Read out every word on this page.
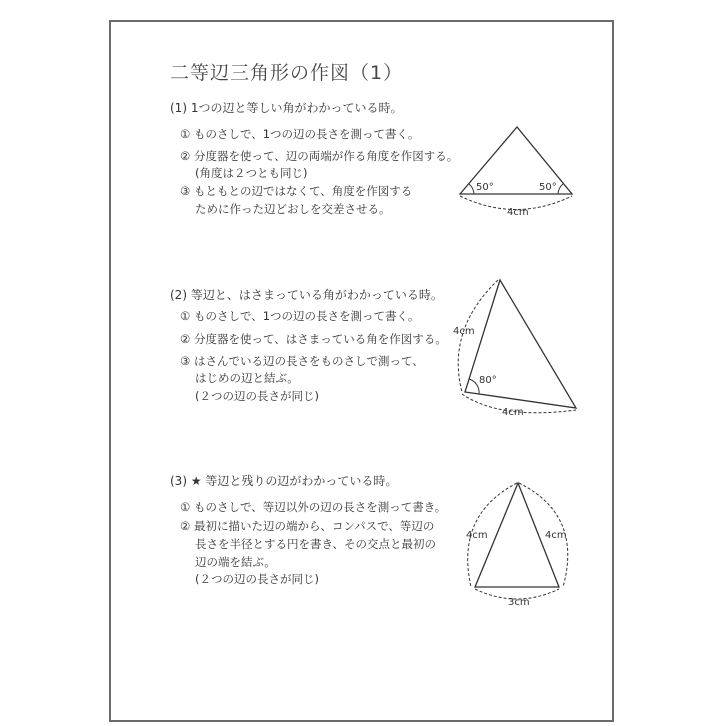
二等辺三角形の作図（1）
(1) 1つの辺と等しい角がわかっている時。
① ものさしで、1つの辺の長さを測って書く。
② 分度器を使って、辺の両端が作る角度を作図する。
(角度は２つとも同じ)
③ もともとの辺ではなくて、角度を作図する
ために作った辺どおしを交差させる。
50°	50°
4cm
(2) 等辺と、はさまっている角がわかっている時。
① ものさしで、1つの辺の長さを測って書く。
② 分度器を使って、はさまっている角を作図する。
③ はさんでいる辺の長さをものさしで測って、
はじめの辺と結ぶ。
(２つの辺の長さが同じ)
80°
4cm
4cm
(3) ★ 等辺と残りの辺がわかっている時。
① ものさしで、等辺以外の辺の長さを測って書き。
② 最初に描いた辺の端から、コンパスで、等辺の
長さを半径とする円を書き、その交点と最初の
辺の端を結ぶ。
(２つの辺の長さが同じ)
4cm	4cm
3cm
